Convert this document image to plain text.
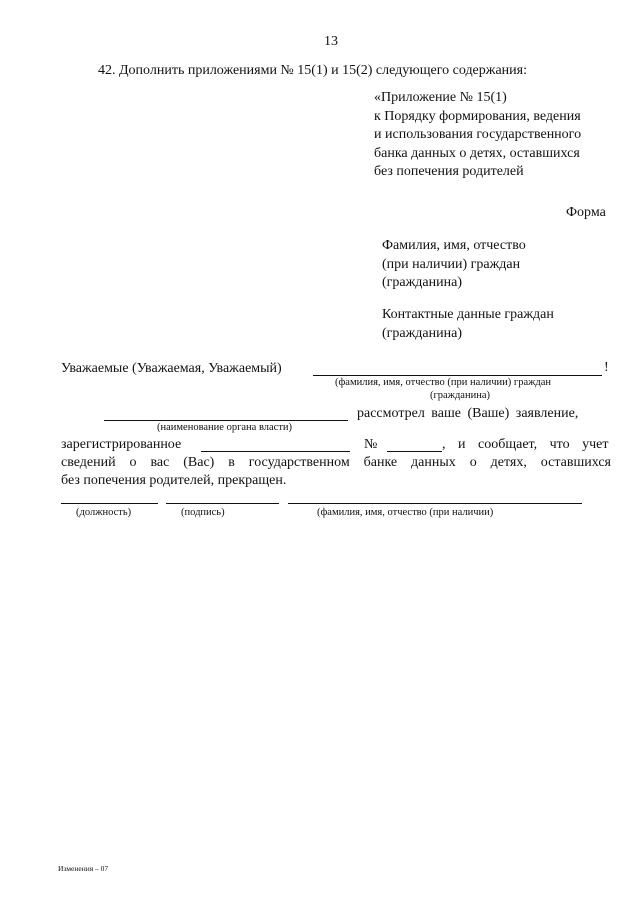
13
42. Дополнить приложениями № 15(1) и 15(2) следующего содержания:
«Приложение № 15(1)
к Порядку формирования, ведения
и использования государственного
банка данных о детях, оставшихся
без попечения родителей
Форма
Фамилия, имя, отчество
(при наличии) граждан
(гражданина)
Контактные данные граждан
(гражданина)
Уважаемые (Уважаемая, Уважаемый)	!
(фамилия, имя, отчество (при наличии) граждан
(гражданина)
рассмотрел ваше (Ваше) заявление,
(наименование органа власти)
зарегистрированное	№	, и сообщает, что учет
сведений о вас (Вас) в государственном банке данных о детях, оставшихся
без попечения родителей, прекращен.
(должность)	(подпись)	(фамилия, имя, отчество (при наличии)
Изменения – 07
